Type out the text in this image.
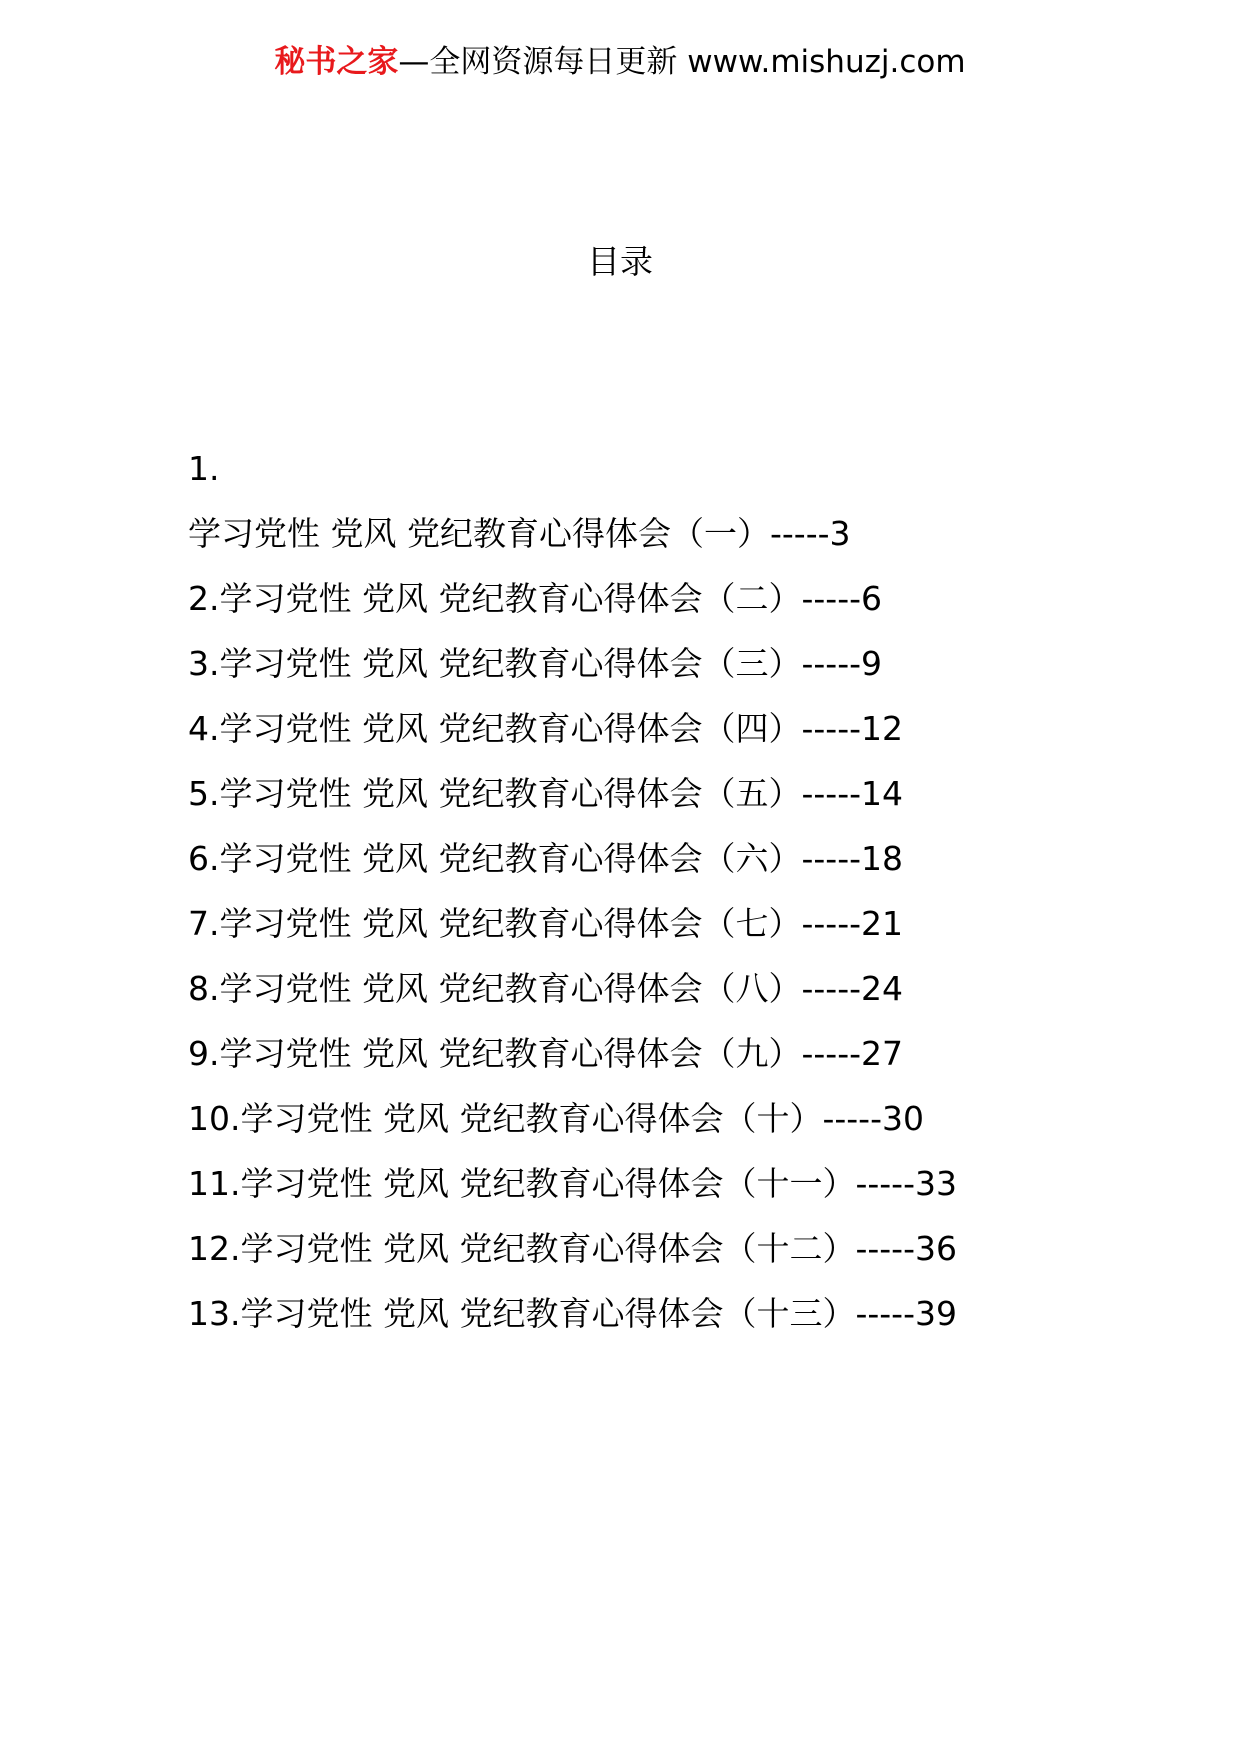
秘书之家—全网资源每日更新 www.mishuzj.com
目录
1.
学习党性 党风 党纪教育心得体会（一）-----3
2.学习党性 党风 党纪教育心得体会（二）-----6
3.学习党性 党风 党纪教育心得体会（三）-----9
4.学习党性 党风 党纪教育心得体会（四）-----12
5.学习党性 党风 党纪教育心得体会（五）-----14
6.学习党性 党风 党纪教育心得体会（六）-----18
7.学习党性 党风 党纪教育心得体会（七）-----21
8.学习党性 党风 党纪教育心得体会（八）-----24
9.学习党性 党风 党纪教育心得体会（九）-----27
10.学习党性 党风 党纪教育心得体会（十）-----30
11.学习党性 党风 党纪教育心得体会（十一）-----33
12.学习党性 党风 党纪教育心得体会（十二）-----36
13.学习党性 党风 党纪教育心得体会（十三）-----39
